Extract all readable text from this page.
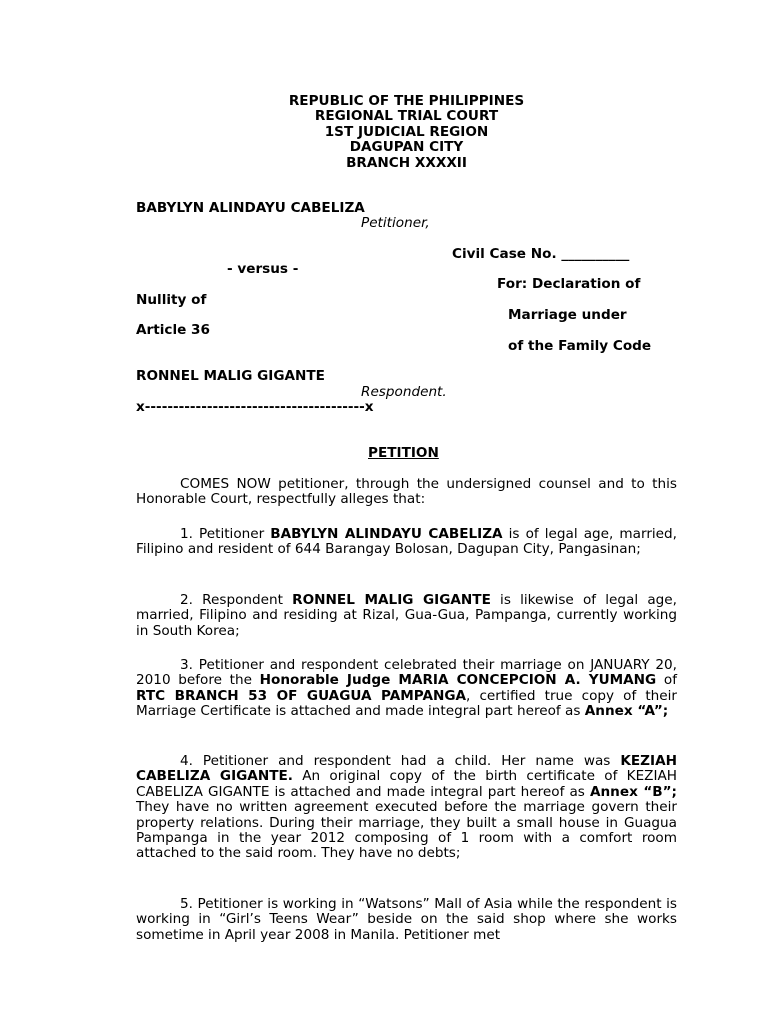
REPUBLIC OF THE PHILIPPINES
REGIONAL TRIAL COURT
1ST JUDICIAL REGION
DAGUPAN CITY
BRANCH XXXXII
BABYLYN ALINDAYU CABELIZA
Petitioner,
Civil Case No. __________
- versus -
For: Declaration of
Nullity of
Marriage under
Article 36
of the Family Code
RONNEL MALIG GIGANTE
Respondent.
x---------------------------------------x
PETITION
COMES NOW petitioner, through the undersigned counsel and to this Honorable Court, respectfully alleges that:
1. Petitioner BABYLYN ALINDAYU CABELIZA is of legal age, married, Filipino and resident of 644 Barangay Bolosan, Dagupan City, Pangasinan;
2. Respondent RONNEL MALIG GIGANTE is likewise of legal age, married, Filipino and residing at Rizal, Gua-Gua, Pampanga, currently working in South Korea;
3. Petitioner and respondent celebrated their marriage on JANUARY 20, 2010 before the Honorable Judge MARIA CONCEPCION A. YUMANG of RTC BRANCH 53 OF GUAGUA PAMPANGA, certified true copy of their Marriage Certificate is attached and made integral part hereof as Annex “A”;
4. Petitioner and respondent had a child. Her name was KEZIAH CABELIZA GIGANTE. An original copy of the birth certificate of KEZIAH CABELIZA GIGANTE is attached and made integral part hereof as Annex “B”; They have no written agreement executed before the marriage govern their property relations. During their marriage, they built a small house in Guagua Pampanga in the year 2012 composing of 1 room with a comfort room attached to the said room. They have no debts;
5. Petitioner is working in “Watsons” Mall of Asia while the respondent is working in “Girl’s Teens Wear” beside on the said shop where she works sometime in April year 2008 in Manila. Petitioner met
